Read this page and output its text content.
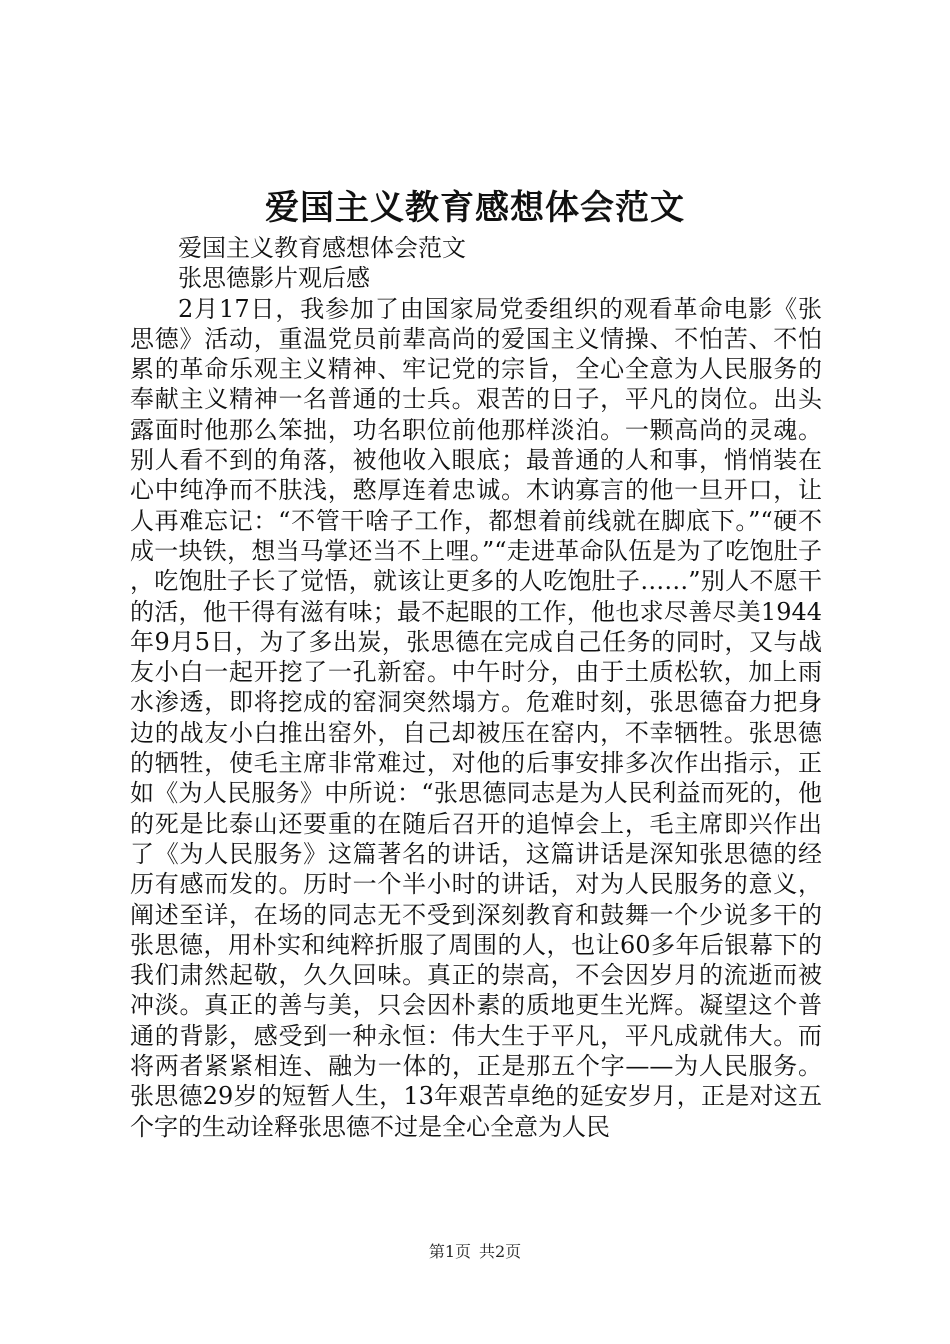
爱国主义教育感想体会范文

爱国主义教育感想体会范文

张思德影片观后感

2月17日，我参加了由国家局党委组织的观看革命电影《张思德》活动，重温党员前辈高尚的爱国主义情操、不怕苦、不怕累的革命乐观主义精神、牢记党的宗旨，全心全意为人民服务的奉献主义精神一名普通的士兵。艰苦的日子，平凡的岗位。出头露面时他那么笨拙，功名职位前他那样淡泊。一颗高尚的灵魂。别人看不到的角落，被他收入眼底；最普通的人和事，悄悄装在心中纯净而不肤浅，憨厚连着忠诚。木讷寡言的他一旦开口，让人再难忘记：“不管干啥子工作，都想着前线就在脚底下。”“硬不成一块铁，想当马掌还当不上哩。”“走进革命队伍是为了吃饱肚子，吃饱肚子长了觉悟，就该让更多的人吃饱肚子……”别人不愿干的活，他干得有滋有味；最不起眼的工作，他也求尽善尽美1944年9月5日，为了多出炭，张思德在完成自己任务的同时，又与战友小白一起开挖了一孔新窑。中午时分，由于土质松软，加上雨水渗透，即将挖成的窑洞突然塌方。危难时刻，张思德奋力把身边的战友小白推出窑外，自己却被压在窑内，不幸牺牲。张思德的牺牲，使毛主席非常难过，对他的后事安排多次作出指示，正如《为人民服务》中所说：“张思德同志是为人民利益而死的，他的死是比泰山还要重的在随后召开的追悼会上，毛主席即兴作出了《为人民服务》这篇著名的讲话，这篇讲话是深知张思德的经历有感而发的。历时一个半小时的讲话，对为人民服务的意义，阐述至详，在场的同志无不受到深刻教育和鼓舞一个少说多干的张思德，用朴实和纯粹折服了周围的人，也让60多年后银幕下的我们肃然起敬，久久回味。真正的崇高，不会因岁月的流逝而被冲淡。真正的善与美，只会因朴素的质地更生光辉。凝望这个普通的背影，感受到一种永恒：伟大生于平凡，平凡成就伟大。而将两者紧紧相连、融为一体的，正是那五个字——为人民服务。张思德29岁的短暂人生，13年艰苦卓绝的延安岁月，正是对这五个字的生动诠释张思德不过是全心全意为人民

第1页 共2页
